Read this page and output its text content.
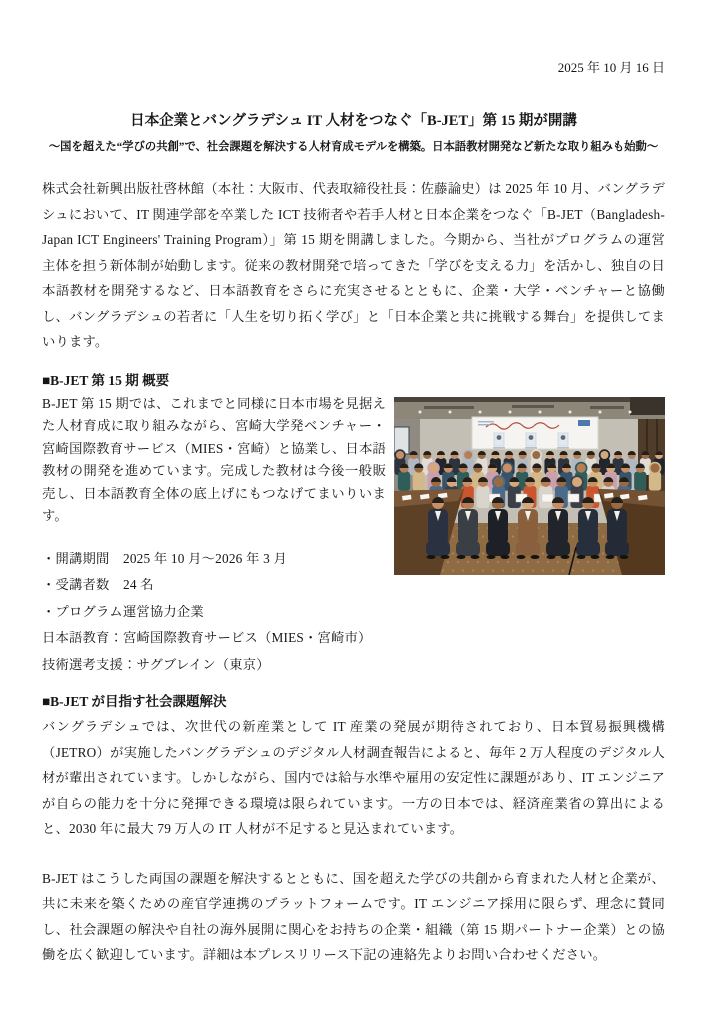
2025 年 10 月 16 日
日本企業とバングラデシュ IT 人材をつなぐ「B-JET」第 15 期が開講
～国を超えた“学びの共創”で、社会課題を解決する人材育成モデルを構築。日本語教材開発など新たな取り組みも始動～

株式会社新興出版社啓林館（本社：大阪市、代表取締役社長：佐藤論史）は 2025 年 10 月、バングラデシュにおいて、IT 関連学部を卒業した ICT 技術者や若手人材と日本企業をつなぐ「B-JET（Bangladesh-Japan ICT Engineers' Training Program）」第 15 期を開講しました。今期から、当社がプログラムの運営主体を担う新体制が始動します。従来の教材開発で培ってきた「学びを支える力」を活かし、独自の日本語教材を開発するなど、日本語教育をさらに充実させるとともに、企業・大学・ベンチャーと協働し、バングラデシュの若者に「人生を切り拓く学び」と「日本企業と共に挑戦する舞台」を提供してまいります。

■B-JET 第 15 期 概要

B-JET 第 15 期では、これまでと同様に日本市場を見据えた人材育成に取り組みながら、宮崎大学発ベンチャー・宮崎国際教育サービス（MIES・宮崎）と協業し、日本語教材の開発を進めています。完成した教材は今後一般販売し、日本語教育全体の底上げにもつなげてまいりいます。

・開講期間　2025 年 10 月～2026 年 3 月
・受講者数　24 名
・プログラム運営協力企業
日本語教育：宮崎国際教育サービス（MIES・宮崎市）
技術選考支援：サグブレイン（東京）
■B-JET が目指す社会課題解決

バングラデシュでは、次世代の新産業として IT 産業の発展が期待されており、日本貿易振興機構（JETRO）が実施したバングラデシュのデジタル人材調査報告によると、毎年 2 万人程度のデジタル人材が輩出されています。しかしながら、国内では給与水準や雇用の安定性に課題があり、IT エンジニアが自らの能力を十分に発揮できる環境は限られています。一方の日本では、経済産業省の算出によると、2030 年に最大 79 万人の IT 人材が不足すると見込まれています。

B-JET はこうした両国の課題を解決するとともに、国を超えた学びの共創から育まれた人材と企業が、共に未来を築くための産官学連携のプラットフォームです。IT エンジニア採用に限らず、理念に賛同し、社会課題の解決や自社の海外展開に関心をお持ちの企業・組織（第 15 期パートナー企業）との協働を広く歓迎しています。詳細は本プレスリリース下記の連絡先よりお問い合わせください。
